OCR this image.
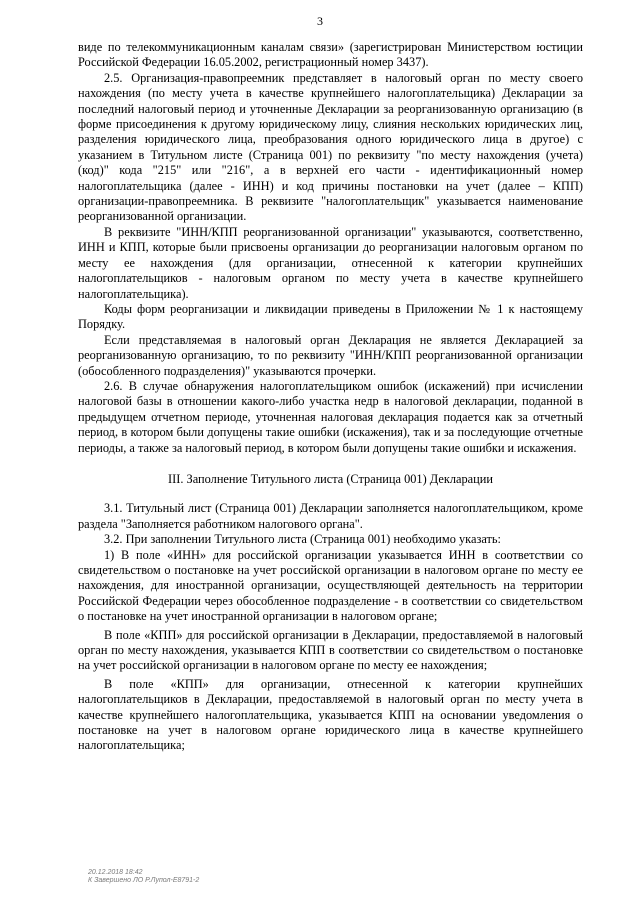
3

виде по телекоммуникационным каналам связи» (зарегистрирован Министерством юстиции Российской Федерации 16.05.2002, регистрационный номер 3437).

2.5. Организация-правопреемник представляет в налоговый орган по месту своего нахождения (по месту учета в качестве крупнейшего налогоплательщика) Декларации за последний налоговый период и уточненные Декларации за реорганизованную организацию (в форме присоединения к другому юридическому лицу, слияния нескольких юридических лиц, разделения юридического лица, преобразования одного юридического лица в другое) с указанием в Титульном листе (Страница 001) по реквизиту "по месту нахождения (учета) (код)" кода "215" или "216", а в верхней его части - идентификационный номер налогоплательщика (далее - ИНН) и код причины постановки на учет (далее – КПП) организации-правопреемника. В реквизите "налогоплательщик" указывается наименование реорганизованной организации.

В реквизите "ИНН/КПП реорганизованной организации" указываются, соответственно, ИНН и КПП, которые были присвоены организации до реорганизации налоговым органом по месту ее нахождения (для организации, отнесенной к категории крупнейших налогоплательщиков - налоговым органом по месту учета в качестве крупнейшего налогоплательщика).

Коды форм реорганизации и ликвидации приведены в Приложении № 1 к настоящему Порядку.

Если представляемая в налоговый орган Декларация не является Декларацией за реорганизованную организацию, то по реквизиту "ИНН/КПП реорганизованной организации (обособленного подразделения)" указываются прочерки.

2.6. В случае обнаружения налогоплательщиком ошибок (искажений) при исчислении налоговой базы в отношении какого-либо участка недр в налоговой декларации, поданной в предыдущем отчетном периоде, уточненная налоговая декларация подается как за отчетный период, в котором были допущены такие ошибки (искажения), так и за последующие отчетные периоды, а также за налоговый период, в котором были допущены такие ошибки и искажения.

III. Заполнение Титульного листа (Страница 001) Декларации

3.1. Титульный лист (Страница 001) Декларации заполняется налогоплательщиком, кроме раздела "Заполняется работником налогового органа".

3.2. При заполнении Титульного листа (Страница 001) необходимо указать:

1) В поле «ИНН» для российской организации указывается ИНН в соответствии со свидетельством о постановке на учет российской организации в налоговом органе по месту ее нахождения, для иностранной организации, осуществляющей деятельность на территории Российской Федерации через обособленное подразделение - в соответствии со свидетельством о постановке на учет иностранной организации в налоговом органе;

В поле «КПП» для российской организации в Декларации, предоставляемой в налоговый орган по месту нахождения, указывается КПП в соответствии со свидетельством о постановке на учет российской организации в налоговом органе по месту ее нахождения;

В поле «КПП» для организации, отнесенной к категории крупнейших налогоплательщиков в Декларации, предоставляемой в налоговый орган по месту учета в качестве крупнейшего налогоплательщика, указывается КПП на основании уведомления о постановке на учет в налоговом органе юридического лица в качестве крупнейшего налогоплательщика;

20.12.2018 18:42
К Завершено ЛО Р.Лупол-Е8791-2
